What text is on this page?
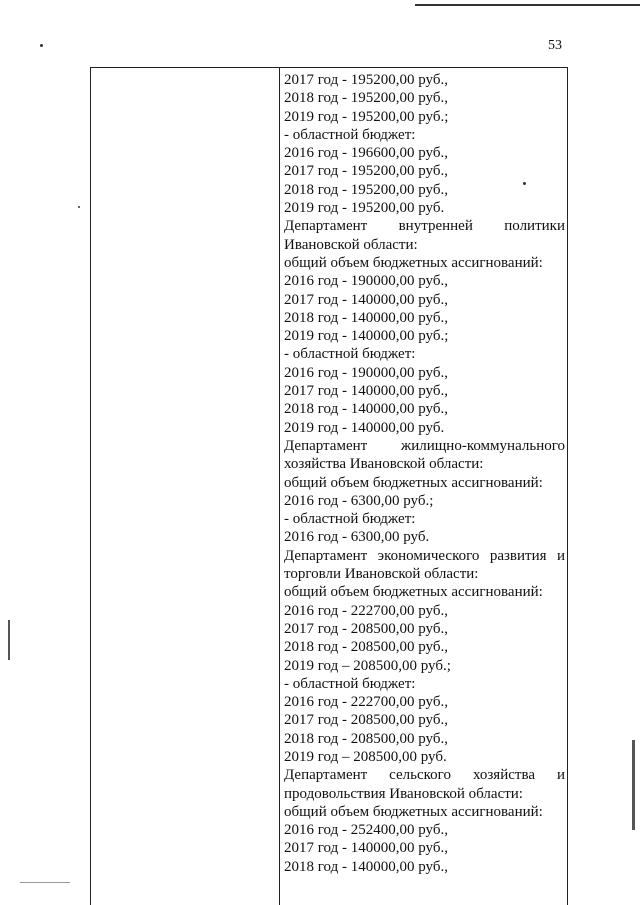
53
2017 год - 195200,00 руб.,
2018 год - 195200,00 руб.,
2019 год - 195200,00 руб.;
- областной бюджет:
2016 год - 196600,00 руб.,
2017 год - 195200,00 руб.,
2018 год - 195200,00 руб.,
2019 год - 195200,00 руб.
Департамент внутренней политики
Ивановской области:
общий объем бюджетных ассигнований:
2016 год - 190000,00 руб.,
2017 год - 140000,00 руб.,
2018 год - 140000,00 руб.,
2019 год - 140000,00 руб.;
- областной бюджет:
2016 год - 190000,00 руб.,
2017 год - 140000,00 руб.,
2018 год - 140000,00 руб.,
2019 год - 140000,00 руб.
Департамент жилищно-коммунального
хозяйства Ивановской области:
общий объем бюджетных ассигнований:
2016 год - 6300,00 руб.;
- областной бюджет:
2016 год - 6300,00 руб.
Департамент экономического развития и
торговли Ивановской области:
общий объем бюджетных ассигнований:
2016 год - 222700,00 руб.,
2017 год - 208500,00 руб.,
2018 год - 208500,00 руб.,
2019 год – 208500,00 руб.;
- областной бюджет:
2016 год - 222700,00 руб.,
2017 год - 208500,00 руб.,
2018 год - 208500,00 руб.,
2019 год – 208500,00 руб.
Департамент сельского хозяйства и
продовольствия Ивановской области:
общий объем бюджетных ассигнований:
2016 год - 252400,00 руб.,
2017 год - 140000,00 руб.,
2018 год - 140000,00 руб.,
